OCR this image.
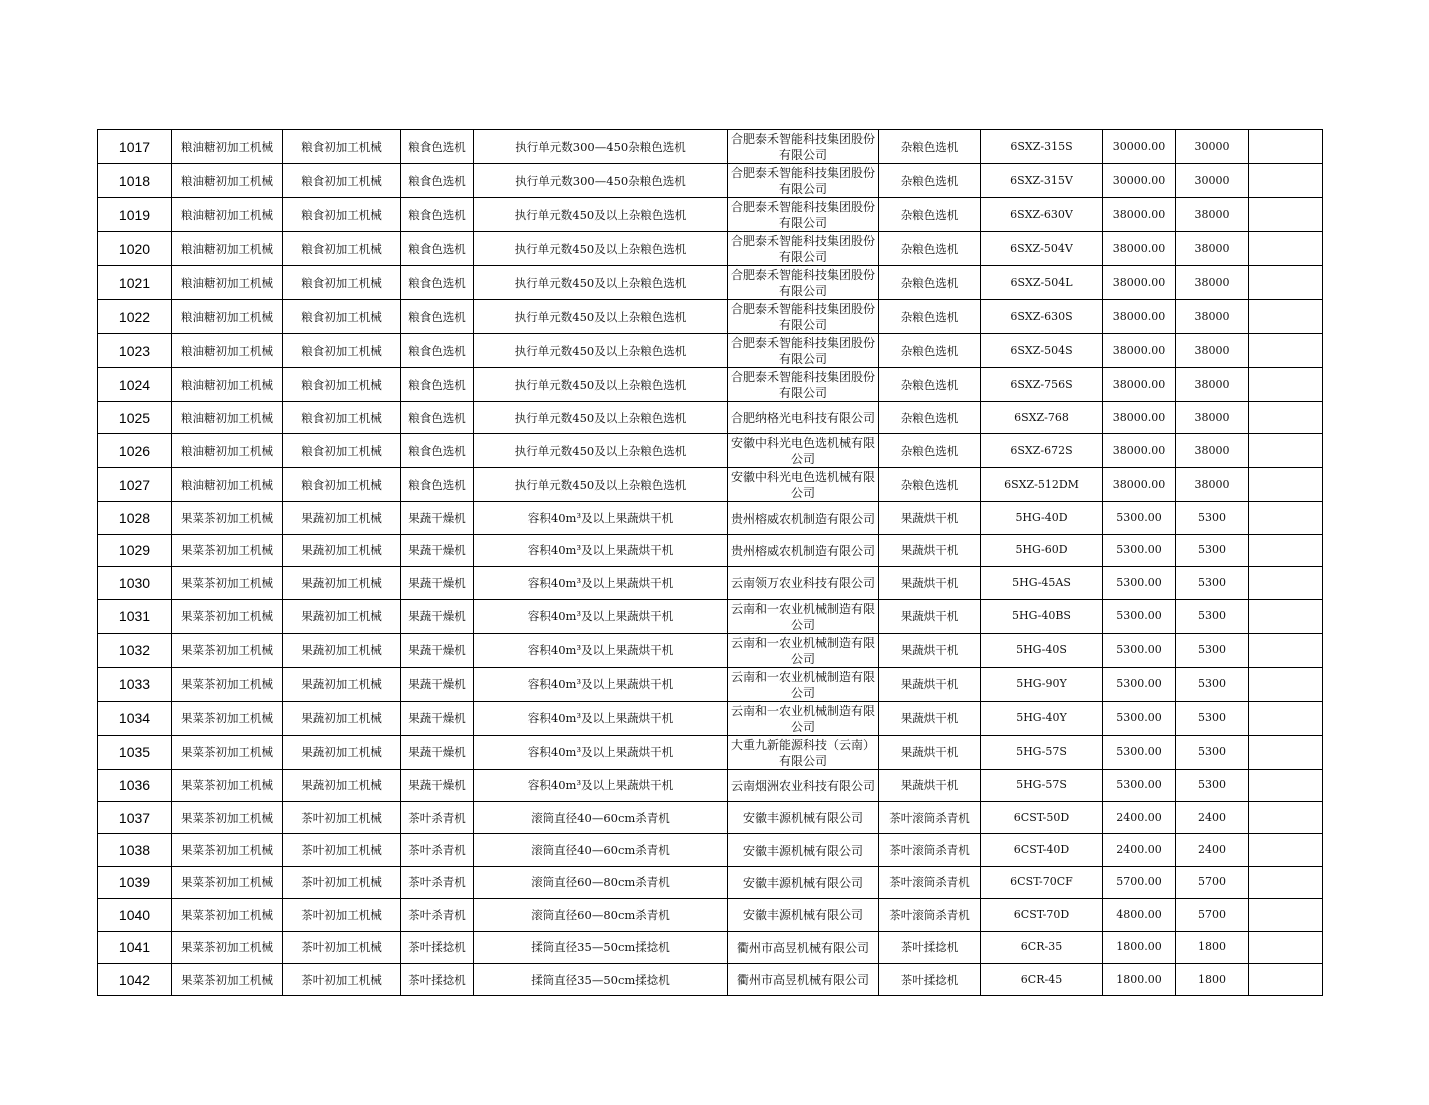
1017	粮油糖初加工机械	粮食初加工机械	粮食色选机	执行单元数300—450杂粮色选机	合肥泰禾智能科技集团股份有限公司	杂粮色选机	6SXZ-315S	30000.00	30000	
1018	粮油糖初加工机械	粮食初加工机械	粮食色选机	执行单元数300—450杂粮色选机	合肥泰禾智能科技集团股份有限公司	杂粮色选机	6SXZ-315V	30000.00	30000	
1019	粮油糖初加工机械	粮食初加工机械	粮食色选机	执行单元数450及以上杂粮色选机	合肥泰禾智能科技集团股份有限公司	杂粮色选机	6SXZ-630V	38000.00	38000	
1020	粮油糖初加工机械	粮食初加工机械	粮食色选机	执行单元数450及以上杂粮色选机	合肥泰禾智能科技集团股份有限公司	杂粮色选机	6SXZ-504V	38000.00	38000	
1021	粮油糖初加工机械	粮食初加工机械	粮食色选机	执行单元数450及以上杂粮色选机	合肥泰禾智能科技集团股份有限公司	杂粮色选机	6SXZ-504L	38000.00	38000	
1022	粮油糖初加工机械	粮食初加工机械	粮食色选机	执行单元数450及以上杂粮色选机	合肥泰禾智能科技集团股份有限公司	杂粮色选机	6SXZ-630S	38000.00	38000	
1023	粮油糖初加工机械	粮食初加工机械	粮食色选机	执行单元数450及以上杂粮色选机	合肥泰禾智能科技集团股份有限公司	杂粮色选机	6SXZ-504S	38000.00	38000	
1024	粮油糖初加工机械	粮食初加工机械	粮食色选机	执行单元数450及以上杂粮色选机	合肥泰禾智能科技集团股份有限公司	杂粮色选机	6SXZ-756S	38000.00	38000	
1025	粮油糖初加工机械	粮食初加工机械	粮食色选机	执行单元数450及以上杂粮色选机	合肥纳格光电科技有限公司	杂粮色选机	6SXZ-768	38000.00	38000	
1026	粮油糖初加工机械	粮食初加工机械	粮食色选机	执行单元数450及以上杂粮色选机	安徽中科光电色选机械有限公司	杂粮色选机	6SXZ-672S	38000.00	38000	
1027	粮油糖初加工机械	粮食初加工机械	粮食色选机	执行单元数450及以上杂粮色选机	安徽中科光电色选机械有限公司	杂粮色选机	6SXZ-512DM	38000.00	38000	
1028	果菜茶初加工机械	果蔬初加工机械	果蔬干燥机	容积40m³及以上果蔬烘干机	贵州榕威农机制造有限公司	果蔬烘干机	5HG-40D	5300.00	5300	
1029	果菜茶初加工机械	果蔬初加工机械	果蔬干燥机	容积40m³及以上果蔬烘干机	贵州榕威农机制造有限公司	果蔬烘干机	5HG-60D	5300.00	5300	
1030	果菜茶初加工机械	果蔬初加工机械	果蔬干燥机	容积40m³及以上果蔬烘干机	云南领万农业科技有限公司	果蔬烘干机	5HG-45AS	5300.00	5300	
1031	果菜茶初加工机械	果蔬初加工机械	果蔬干燥机	容积40m³及以上果蔬烘干机	云南和一农业机械制造有限公司	果蔬烘干机	5HG-40BS	5300.00	5300	
1032	果菜茶初加工机械	果蔬初加工机械	果蔬干燥机	容积40m³及以上果蔬烘干机	云南和一农业机械制造有限公司	果蔬烘干机	5HG-40S	5300.00	5300	
1033	果菜茶初加工机械	果蔬初加工机械	果蔬干燥机	容积40m³及以上果蔬烘干机	云南和一农业机械制造有限公司	果蔬烘干机	5HG-90Y	5300.00	5300	
1034	果菜茶初加工机械	果蔬初加工机械	果蔬干燥机	容积40m³及以上果蔬烘干机	云南和一农业机械制造有限公司	果蔬烘干机	5HG-40Y	5300.00	5300	
1035	果菜茶初加工机械	果蔬初加工机械	果蔬干燥机	容积40m³及以上果蔬烘干机	大重九新能源科技（云南）有限公司	果蔬烘干机	5HG-57S	5300.00	5300	
1036	果菜茶初加工机械	果蔬初加工机械	果蔬干燥机	容积40m³及以上果蔬烘干机	云南烟洲农业科技有限公司	果蔬烘干机	5HG-57S	5300.00	5300	
1037	果菜茶初加工机械	茶叶初加工机械	茶叶杀青机	滚筒直径40—60cm杀青机	安徽丰源机械有限公司	茶叶滚筒杀青机	6CST-50D	2400.00	2400	
1038	果菜茶初加工机械	茶叶初加工机械	茶叶杀青机	滚筒直径40—60cm杀青机	安徽丰源机械有限公司	茶叶滚筒杀青机	6CST-40D	2400.00	2400	
1039	果菜茶初加工机械	茶叶初加工机械	茶叶杀青机	滚筒直径60—80cm杀青机	安徽丰源机械有限公司	茶叶滚筒杀青机	6CST-70CF	5700.00	5700	
1040	果菜茶初加工机械	茶叶初加工机械	茶叶杀青机	滚筒直径60—80cm杀青机	安徽丰源机械有限公司	茶叶滚筒杀青机	6CST-70D	4800.00	5700	
1041	果菜茶初加工机械	茶叶初加工机械	茶叶揉捻机	揉筒直径35—50cm揉捻机	衢州市高昱机械有限公司	茶叶揉捻机	6CR-35	1800.00	1800	
1042	果菜茶初加工机械	茶叶初加工机械	茶叶揉捻机	揉筒直径35—50cm揉捻机	衢州市高昱机械有限公司	茶叶揉捻机	6CR-45	1800.00	1800	
